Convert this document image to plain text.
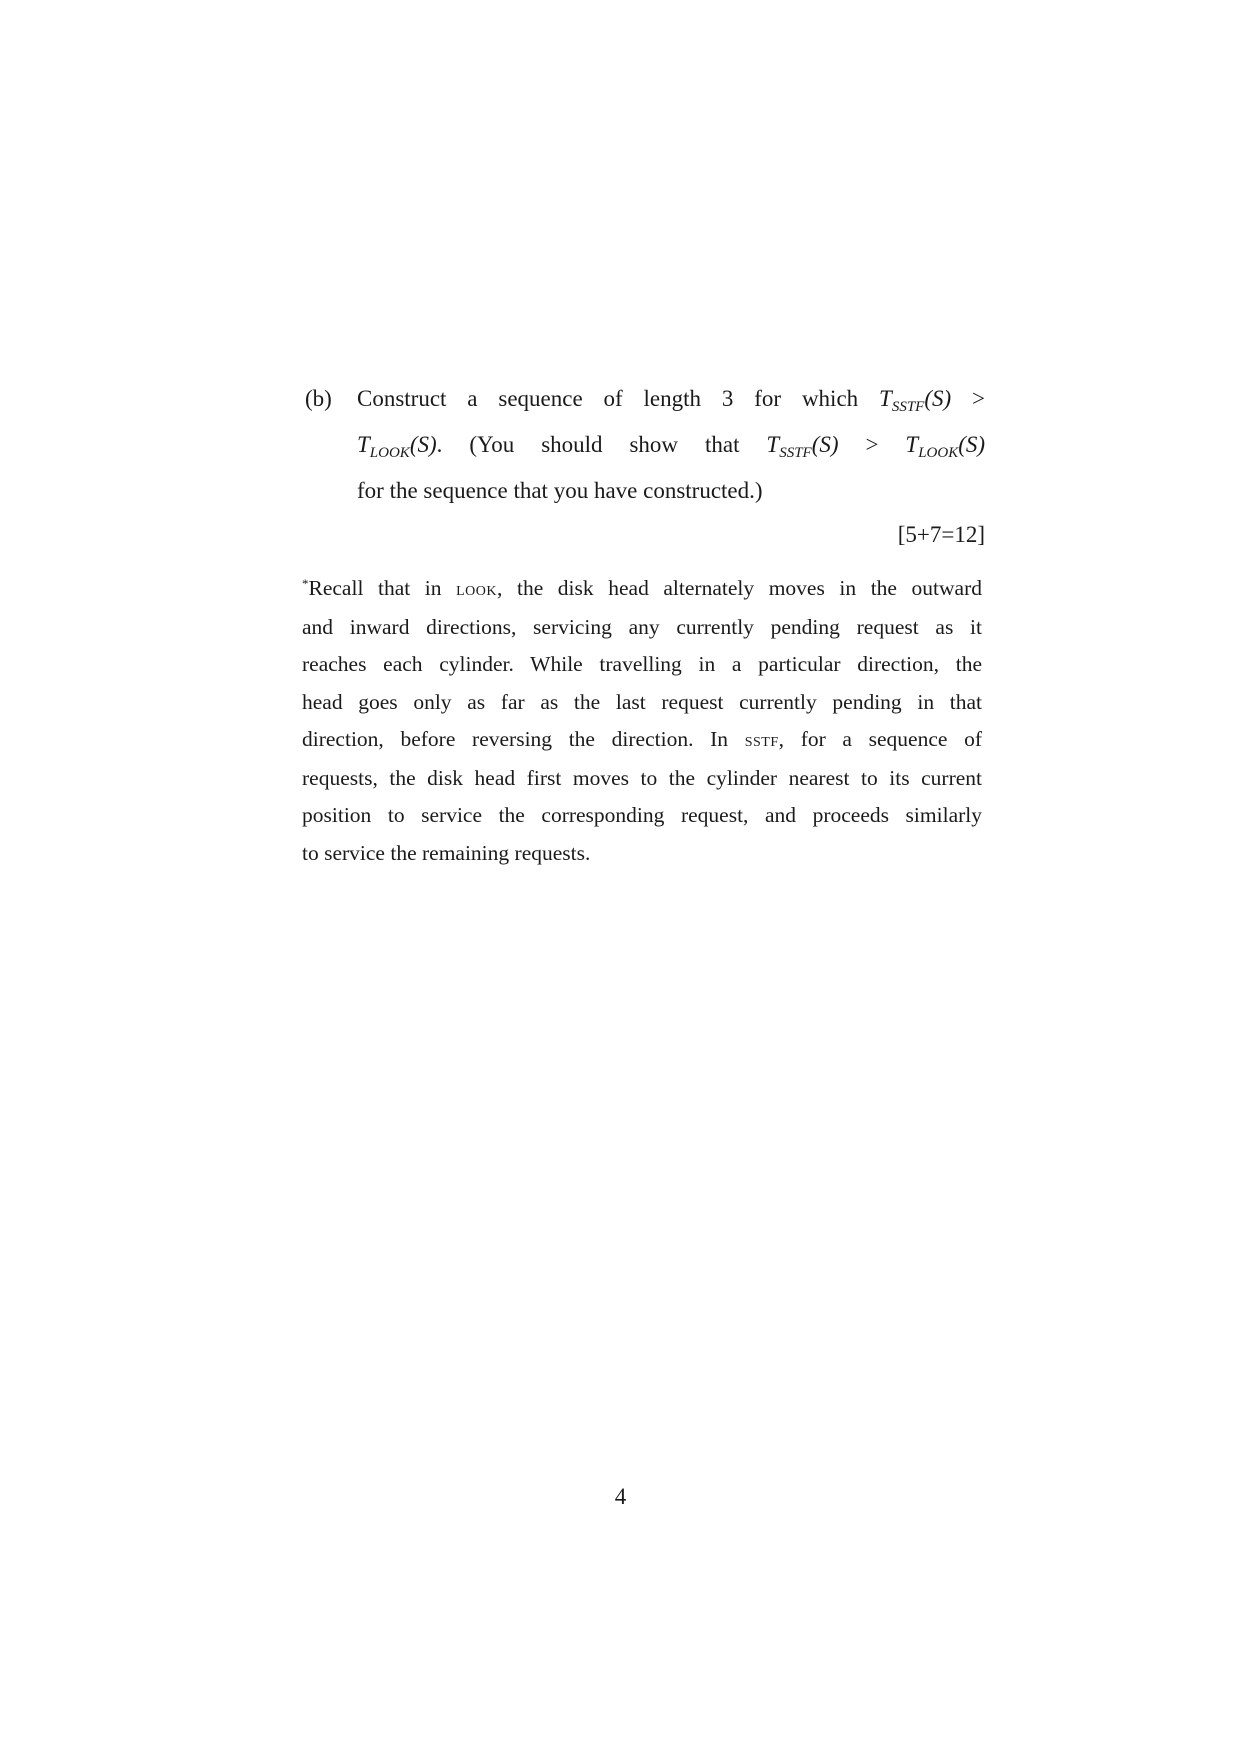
(b) Construct a sequence of length 3 for which $T_{SSTF}(S)$ >
$T_{LOOK}(S)$. (You should show that $T_{SSTF}(S) > T_{LOOK}(S)$
for the sequence that you have constructed.)
[5+7=12]
*Recall that in look, the disk head alternately moves in the outward
and inward directions, servicing any currently pending request as it
reaches each cylinder. While travelling in a particular direction, the
head goes only as far as the last request currently pending in that
direction, before reversing the direction. In sstf, for a sequence of
requests, the disk head first moves to the cylinder nearest to its current
position to service the corresponding request, and proceeds similarly
to service the remaining requests.
4
